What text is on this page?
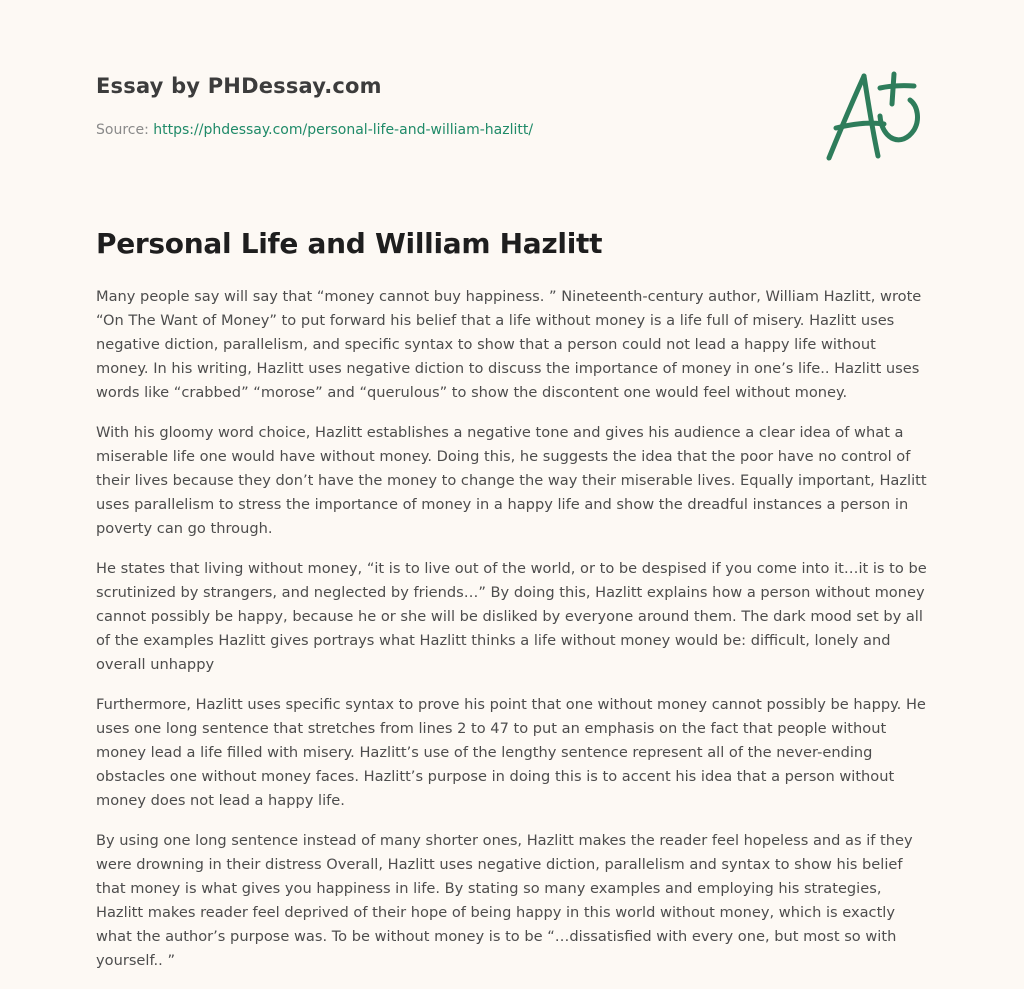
Essay by PHDessay.com
Source: https://phdessay.com/personal-life-and-william-hazlitt/
Personal Life and William Hazlitt

Many people say will say that “money cannot buy happiness. ” Nineteenth-century author, William Hazlitt, wrote “On The Want of Money” to put forward his belief that a life without money is a life full of misery. Hazlitt uses negative diction, parallelism, and specific syntax to show that a person could not lead a happy life without money. In his writing, Hazlitt uses negative diction to discuss the importance of money in one’s life.. Hazlitt uses words like “crabbed” “morose” and “querulous” to show the discontent one would feel without money.

With his gloomy word choice, Hazlitt establishes a negative tone and gives his audience a clear idea of what a miserable life one would have without money. Doing this, he suggests the idea that the poor have no control of their lives because they don’t have the money to change the way their miserable lives. Equally important, Hazlitt uses parallelism to stress the importance of money in a happy life and show the dreadful instances a person in poverty can go through.

He states that living without money, “it is to live out of the world, or to be despised if you come into it…it is to be scrutinized by strangers, and neglected by friends…” By doing this, Hazlitt explains how a person without money cannot possibly be happy, because he or she will be disliked by everyone around them. The dark mood set by all of the examples Hazlitt gives portrays what Hazlitt thinks a life without money would be: difficult, lonely and overall unhappy

Furthermore, Hazlitt uses specific syntax to prove his point that one without money cannot possibly be happy. He uses one long sentence that stretches from lines 2 to 47 to put an emphasis on the fact that people without money lead a life filled with misery. Hazlitt’s use of the lengthy sentence represent all of the never-ending obstacles one without money faces. Hazlitt’s purpose in doing this is to accent his idea that a person without money does not lead a happy life.

By using one long sentence instead of many shorter ones, Hazlitt makes the reader feel hopeless and as if they were drowning in their distress Overall, Hazlitt uses negative diction, parallelism and syntax to show his belief that money is what gives you happiness in life. By stating so many examples and employing his strategies, Hazlitt makes reader feel deprived of their hope of being happy in this world without money, which is exactly what the author’s purpose was. To be without money is to be “…dissatisfied with every one, but most so with yourself.. ”
